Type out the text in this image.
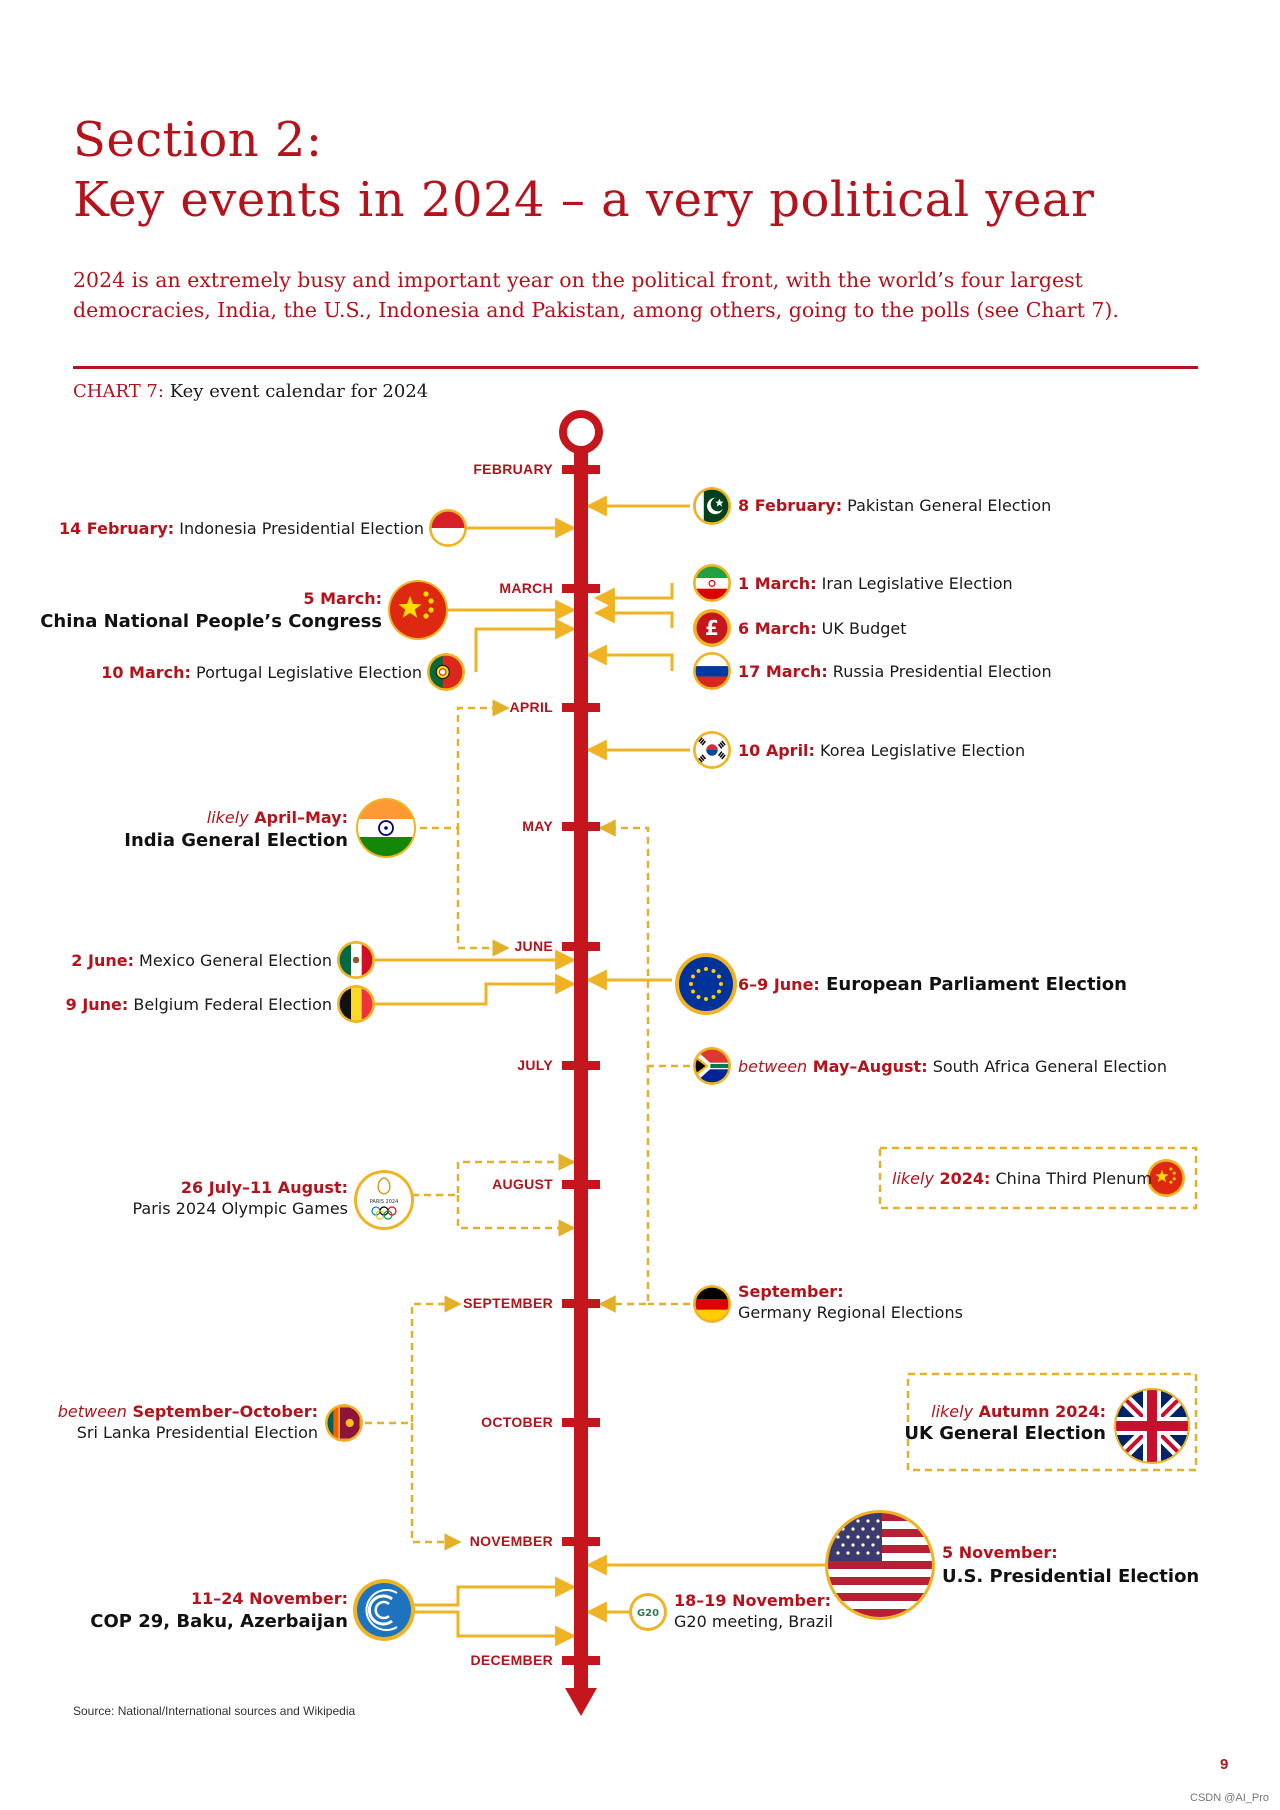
Section 2:
Key events in 2024 – a very political year

2024 is an extremely busy and important year on the political front, with the world’s four largest democracies, India, the U.S., Indonesia and Pakistan, among others, going to the polls (see Chart 7).

CHART 7: Key event calendar for 2024
FEBRUARY
MARCH
APRIL
MAY
JUNE
JULY
AUGUST
SEPTEMBER
OCTOBER
NOVEMBER
DECEMBER
£
PARIS 2024
G20
8 February: Pakistan General Election
1 March: Iran Legislative Election
6 March: UK Budget
17 March: Russia Presidential Election
10 April: Korea Legislative Election
6–9 June: European Parliament Election
between May–August: South Africa General Election
likely 2024: China Third Plenum
September:
Germany Regional Elections
likely Autumn 2024:
UK General Election
5 November:
U.S. Presidential Election
18–19 November:
G20 meeting, Brazil
14 February: Indonesia Presidential Election
5 March:
China National People’s Congress
10 March: Portugal Legislative Election
likely April–May:
India General Election
2 June: Mexico General Election
9 June: Belgium Federal Election
26 July–11 August:
Paris 2024 Olympic Games
between September–October:
Sri Lanka Presidential Election
11–24 November:
COP 29, Baku, Azerbaijan
Source: National/International sources and Wikipedia
9
CSDN @AI_Pro
